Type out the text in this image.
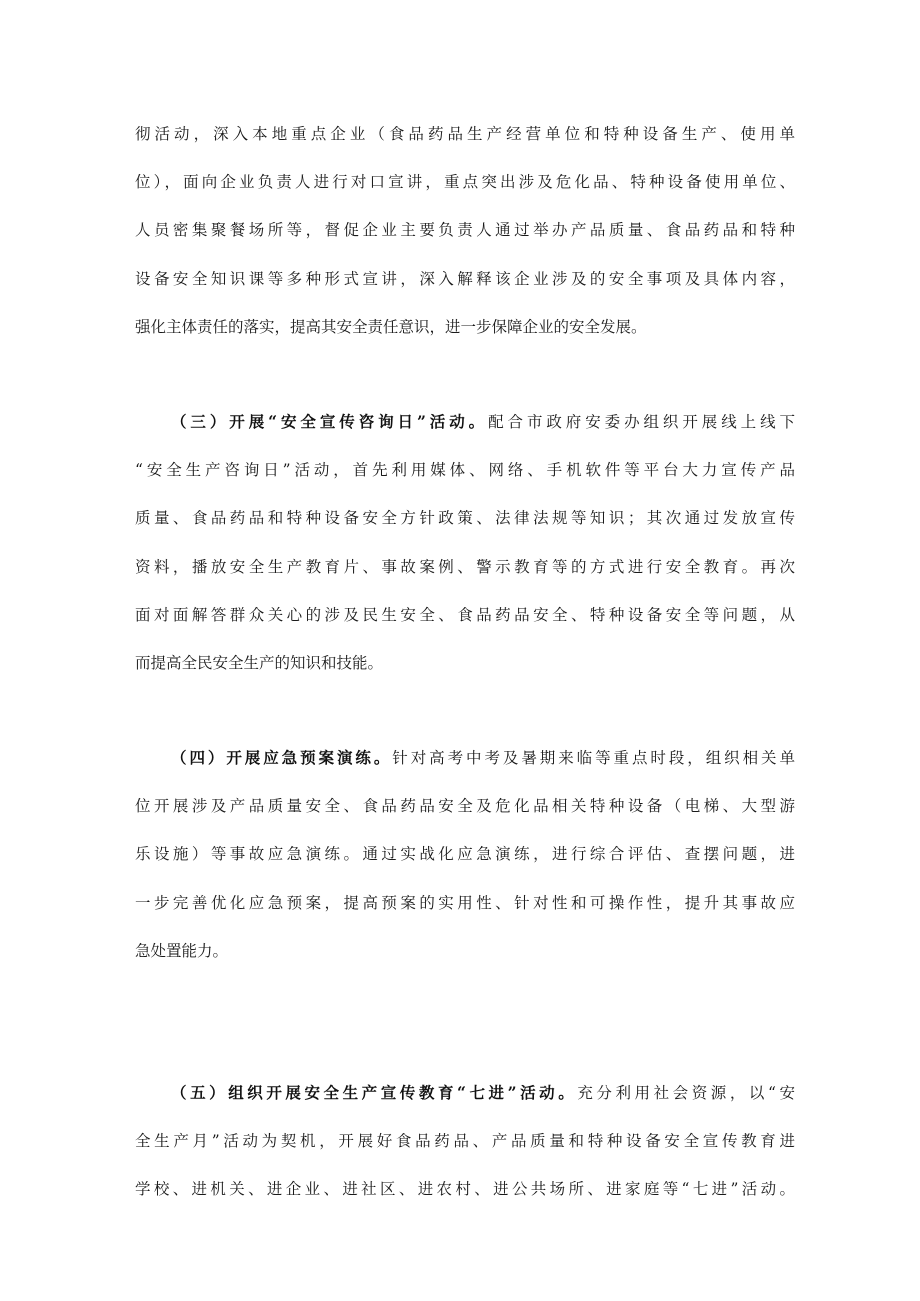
彻活动，深入本地重点企业（食品药品生产经营单位和特种设备生产、使用单
位），面向企业负责人进行对口宣讲，重点突出涉及危化品、特种设备使用单位、
人员密集聚餐场所等，督促企业主要负责人通过举办产品质量、食品药品和特种
设备安全知识课等多种形式宣讲，深入解释该企业涉及的安全事项及具体内容，
强化主体责任的落实，提高其安全责任意识，进一步保障企业的安全发展。
（三）开展“安全宣传咨询日”活动。配合市政府安委办组织开展线上线下
“安全生产咨询日”活动，首先利用媒体、网络、手机软件等平台大力宣传产品
质量、食品药品和特种设备安全方针政策、法律法规等知识；其次通过发放宣传
资料，播放安全生产教育片、事故案例、警示教育等的方式进行安全教育。再次
面对面解答群众关心的涉及民生安全、食品药品安全、特种设备安全等问题，从
而提高全民安全生产的知识和技能。
（四）开展应急预案演练。针对高考中考及暑期来临等重点时段，组织相关单
位开展涉及产品质量安全、食品药品安全及危化品相关特种设备（电梯、大型游
乐设施）等事故应急演练。通过实战化应急演练，进行综合评估、查摆问题，进
一步完善优化应急预案，提高预案的实用性、针对性和可操作性，提升其事故应
急处置能力。
（五）组织开展安全生产宣传教育“七进”活动。充分利用社会资源，以“安
全生产月”活动为契机，开展好食品药品、产品质量和特种设备安全宣传教育进
学校、进机关、进企业、进社区、进农村、进公共场所、进家庭等“七进”活动。
